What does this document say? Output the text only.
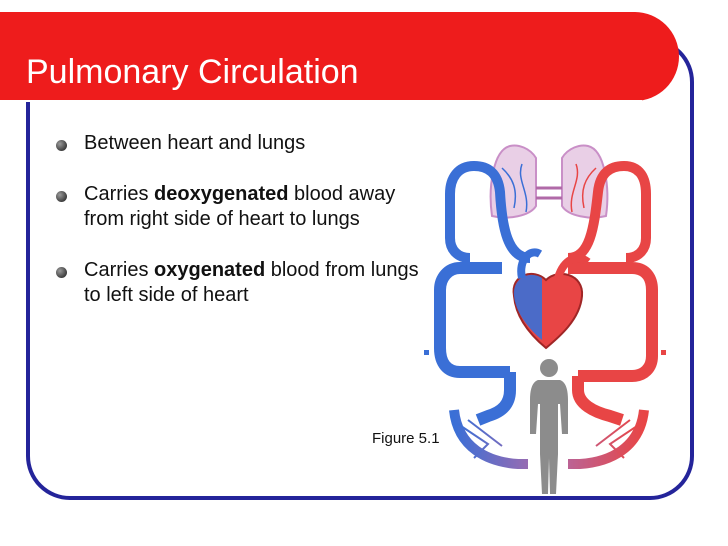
Pulmonary Circulation
Between heart and lungs
Carries deoxygenated blood away from right side of heart to lungs
Carries oxygenated blood from lungs to left side of heart
Figure 5.1
